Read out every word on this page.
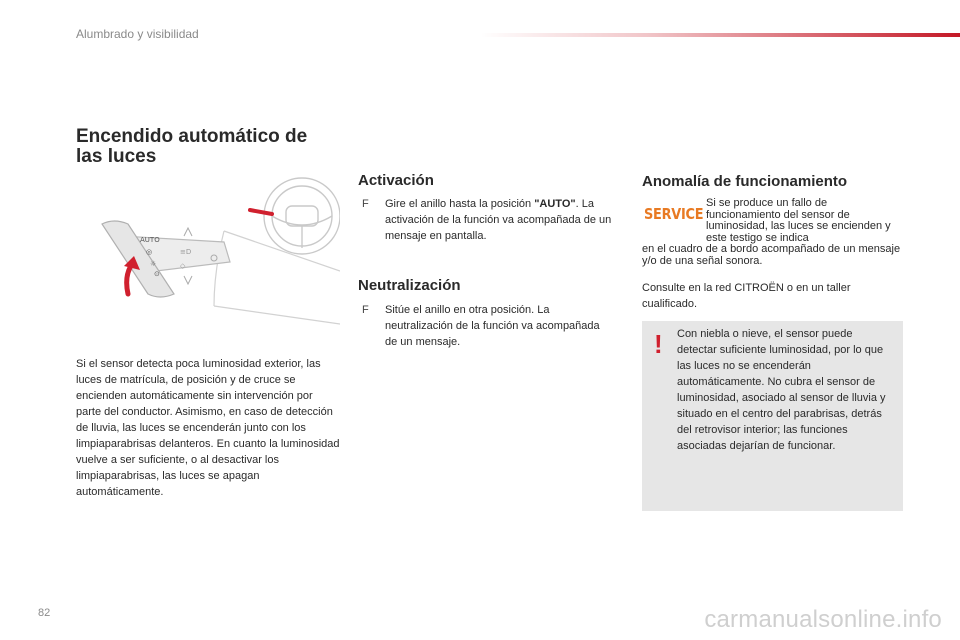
Alumbrado y visibilidad
Encendido automático de las luces
AUTO
◎
☼
⊙
≡D
◇

Si el sensor detecta poca luminosidad exterior, las luces de matrícula, de posición y de cruce se encienden automáticamente sin intervención por parte del conductor. Asimismo, en caso de detección de lluvia, las luces se encenderán junto con los limpiaparabrisas delanteros. En cuanto la luminosidad vuelve a ser suficiente, o al desactivar los limpiaparabrisas, las luces se apagan automáticamente.

Activación
F	Gire el anillo hasta la posición "AUTO". La activación de la función va acompañada de un mensaje en pantalla.
Neutralización
F	Sitúe el anillo en otra posición. La neutralización de la función va acompañada de un mensaje.
Anomalía de funcionamiento
SERVICE

Si se produce un fallo de funcionamiento del sensor de luminosidad, las luces se encienden y este testigo se indica

en el cuadro de a bordo acompañado de un mensaje y/o de una señal sonora.

Consulte en la red CITROËN o en un taller cualificado.

! Con niebla o nieve, el sensor puede detectar suficiente luminosidad, por lo que las luces no se encenderán automáticamente. No cubra el sensor de luminosidad, asociado al sensor de lluvia y situado en el centro del parabrisas, detrás del retrovisor interior; las funciones asociadas dejarían de funcionar.

82	carmanualsonline.info
